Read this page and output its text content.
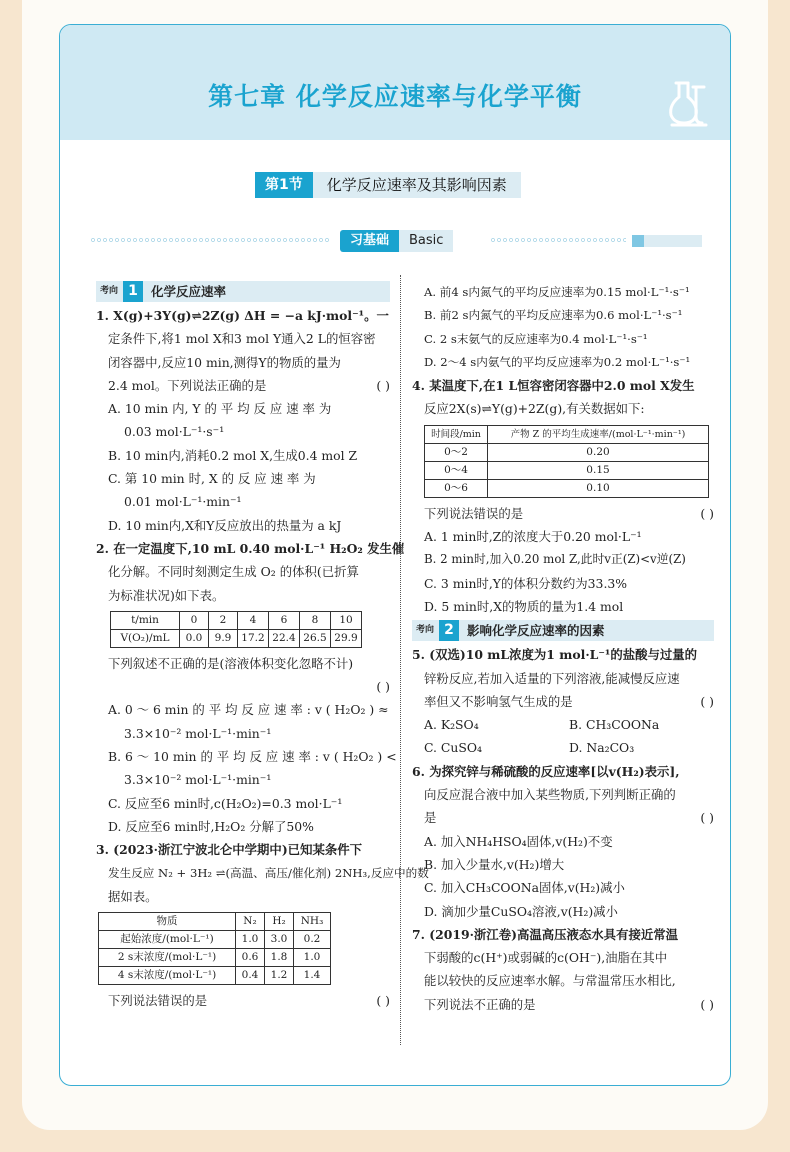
第七章 化学反应速率与化学平衡
第1节	化学反应速率及其影响因素
习基础	Basic
考向 1	化学反应速率
1. X(g)+3Y(g)⇌2Z(g) ΔH = −a kJ·mol⁻¹。一
定条件下,将1 mol X和3 mol Y通入2 L的恒容密
闭容器中,反应10 min,测得Y的物质的量为
2.4 mol。下列说法正确的是	( )
A. 10 min 内, Y 的 平 均 反 应 速 率 为
0.03 mol·L⁻¹·s⁻¹
B. 10 min内,消耗0.2 mol X,生成0.4 mol Z
C. 第 10 min 时, X 的 反 应 速 率 为
0.01 mol·L⁻¹·min⁻¹
D. 10 min内,X和Y反应放出的热量为 a kJ
2. 在一定温度下,10 mL 0.40 mol·L⁻¹ H₂O₂ 发生催
化分解。不同时刻测定生成 O₂ 的体积(已折算
为标准状况)如下表。
t/min	0	2	4	6	8	10
V(O₂)/mL	0.0	9.9	17.2	22.4	26.5	29.9
下列叙述不正确的是(溶液体积变化忽略不计)
( )
A. 0 ～ 6 min 的 平 均 反 应 速 率 : v ( H₂O₂ ) ≈
3.3×10⁻² mol·L⁻¹·min⁻¹
B. 6 ～ 10 min 的 平 均 反 应 速 率 : v ( H₂O₂ ) <
3.3×10⁻² mol·L⁻¹·min⁻¹
C. 反应至6 min时,c(H₂O₂)=0.3 mol·L⁻¹
D. 反应至6 min时,H₂O₂ 分解了50%
3. (2023·浙江宁波北仑中学期中)已知某条件下
发生反应 N₂ + 3H₂ ⇌(高温、高压/催化剂) 2NH₃,反应中的数
据如表。
物质	N₂	H₂	NH₃
起始浓度/(mol·L⁻¹)	1.0	3.0	0.2
2 s末浓度/(mol·L⁻¹)	0.6	1.8	1.0
4 s末浓度/(mol·L⁻¹)	0.4	1.2	1.4
下列说法错误的是	( )
A. 前4 s内氮气的平均反应速率为0.15 mol·L⁻¹·s⁻¹
B. 前2 s内氮气的平均反应速率为0.6 mol·L⁻¹·s⁻¹
C. 2 s末氨气的反应速率为0.4 mol·L⁻¹·s⁻¹
D. 2～4 s内氨气的平均反应速率为0.2 mol·L⁻¹·s⁻¹
4. 某温度下,在1 L恒容密闭容器中2.0 mol X发生
反应2X(s)⇌Y(g)+2Z(g),有关数据如下:
时间段/min	产物 Z 的平均生成速率/(mol·L⁻¹·min⁻¹)
0～2	0.20
0～4	0.15
0～6	0.10
下列说法错误的是	( )
A. 1 min时,Z的浓度大于0.20 mol·L⁻¹
B. 2 min时,加入0.20 mol Z,此时v正(Z)<v逆(Z)
C. 3 min时,Y的体积分数约为33.3%
D. 5 min时,X的物质的量为1.4 mol
考向 2	影响化学反应速率的因素
5. (双选)10 mL浓度为1 mol·L⁻¹的盐酸与过量的
锌粉反应,若加入适量的下列溶液,能减慢反应速
率但又不影响氢气生成的是	( )
A. K₂SO₄	B. CH₃COONa
C. CuSO₄	D. Na₂CO₃
6. 为探究锌与稀硫酸的反应速率[以v(H₂)表示],
向反应混合液中加入某些物质,下列判断正确的
是	( )
A. 加入NH₄HSO₄固体,v(H₂)不变
B. 加入少量水,v(H₂)增大
C. 加入CH₃COONa固体,v(H₂)减小
D. 滴加少量CuSO₄溶液,v(H₂)减小
7. (2019·浙江卷)高温高压液态水具有接近常温
下弱酸的c(H⁺)或弱碱的c(OH⁻),油脂在其中
能以较快的反应速率水解。与常温常压水相比,
下列说法不正确的是	( )
